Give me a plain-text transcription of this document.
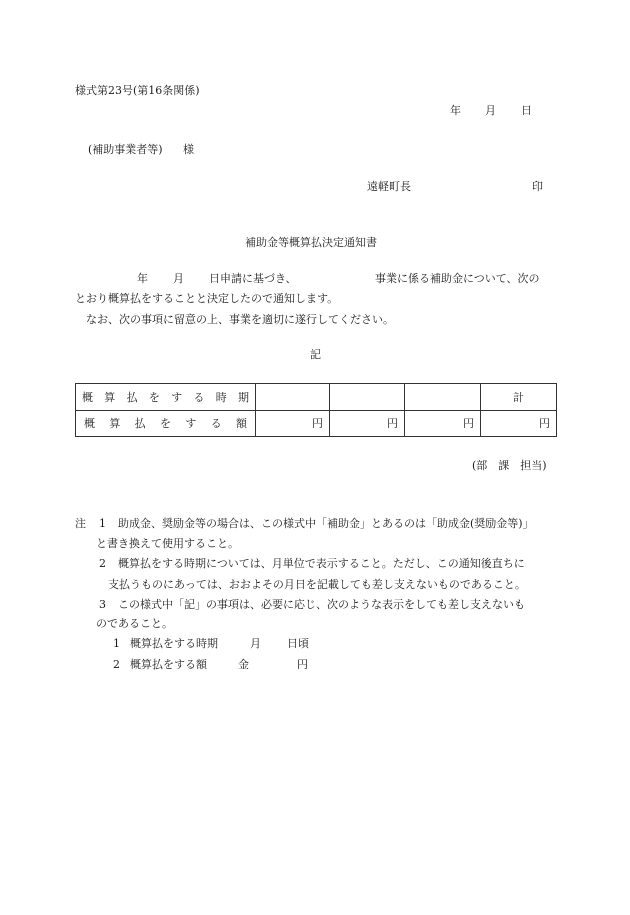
様式第23号(第16条関係)
年 月 日
(補助事業者等) 様
遠軽町長	印
補助金等概算払決定通知書
年 月 日申請に基づき、	事業に係る補助金について、次の
とおり概算払をすることと決定したので通知します。
なお、次の事項に留意の上、事業を適切に遂行してください。
記
概算払をする時期				計
概算払をする額	円	円	円	円
(部　課　担当)
注 1 助成金、奨励金等の場合は、この様式中「補助金」とあるのは「助成金(奨励金等)」
と書き換えて使用すること。
2 概算払をする時期については、月単位で表示すること。ただし、この通知後直ちに
支払うものにあっては、おおよその月日を記載しても差し支えないものであること。
3 この様式中「記」の事項は、必要に応じ、次のような表示をしても差し支えないも
のであること。
1 概算払をする時期	月 日頃
2 概算払をする額	金	円
